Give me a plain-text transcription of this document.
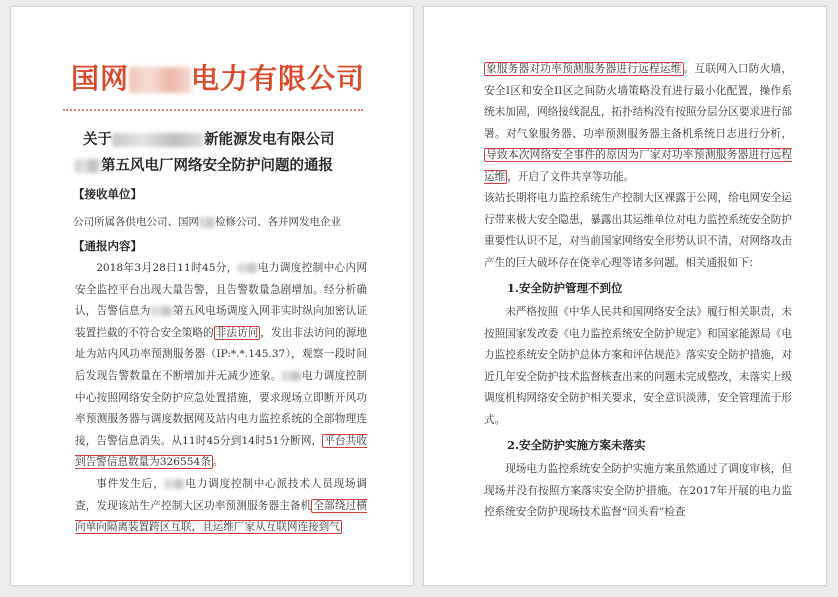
国网 电力有限公司
关于	新能源发电有限公司
第五风电厂网络安全防护问题的通报
【接收单位】
公司所属各供电公司、国网 检修公司、各并网发电企业
【通报内容】

2018年3月28日11时45分， 电力调度控制中心内网安全监控平台出现大量告警，且告警数量急剧增加。经分析确认，告警信息为 第五风电场调度入网非实时纵向加密认证装置拦截的不符合安全策略的 非法访问 ，发出非法访问的源地址为站内风功率预测服务器（IP:*.*.145.37），观察一段时间后发现告警数量在不断增加并无减少迹象。 电力调度控制中心按照网络安全防护应急处置措施，要求现场立即断开风功率预测服务器与调度数据网及站内电力监控系统的全部物理连接，告警信息消失。从11时45分到14时51分断网， 平台共收到告警信息数量为326554条 。

事件发生后， 电力调度控制中心派技术人员现场调查，发现该站生产控制大区功率预测服务器主备机 全部绕过横向单向隔离装置跨区互联，且运维厂家从互联网连接到气

象服务器对功率预测服务器进行远程运维 。互联网入口防火墙，安全I区和安全II区之间防火墙策略没有进行最小化配置，操作系统未加固，网络接线混乱，拓扑结构没有按照分层分区要求进行部署。对气象服务器、功率预测服务器主备机系统日志进行分析，导致本次网络安全事件的原因为厂家对功率预测服务器进行远程运维 ，开启了文件共享等功能。

该站长期将电力监控系统生产控制大区裸露于公网，给电网安全运行带来极大安全隐患，暴露出其运维单位对电力监控系统安全防护重要性认识不足，对当前国家网络安全形势认识不清，对网络攻击产生的巨大破坏存在侥幸心理等诸多问题。相关通报如下：

1.安全防护管理不到位

未严格按照《中华人民共和国网络安全法》履行相关职责，未按照国家发改委《电力监控系统安全防护规定》和国家能源局《电力监控系统安全防护总体方案和评估规范》落实安全防护措施，对近几年安全防护技术监督核查出来的问题未完成整改，未落实上级调度机构网络安全防护相关要求，安全意识淡薄，安全管理流于形式。

2.安全防护实施方案未落实

现场电力监控系统安全防护实施方案虽然通过了调度审核，但现场并没有按照方案落实安全防护措施。在2017年开展的电力监控系统安全防护现场技术监督“回头看”检查
